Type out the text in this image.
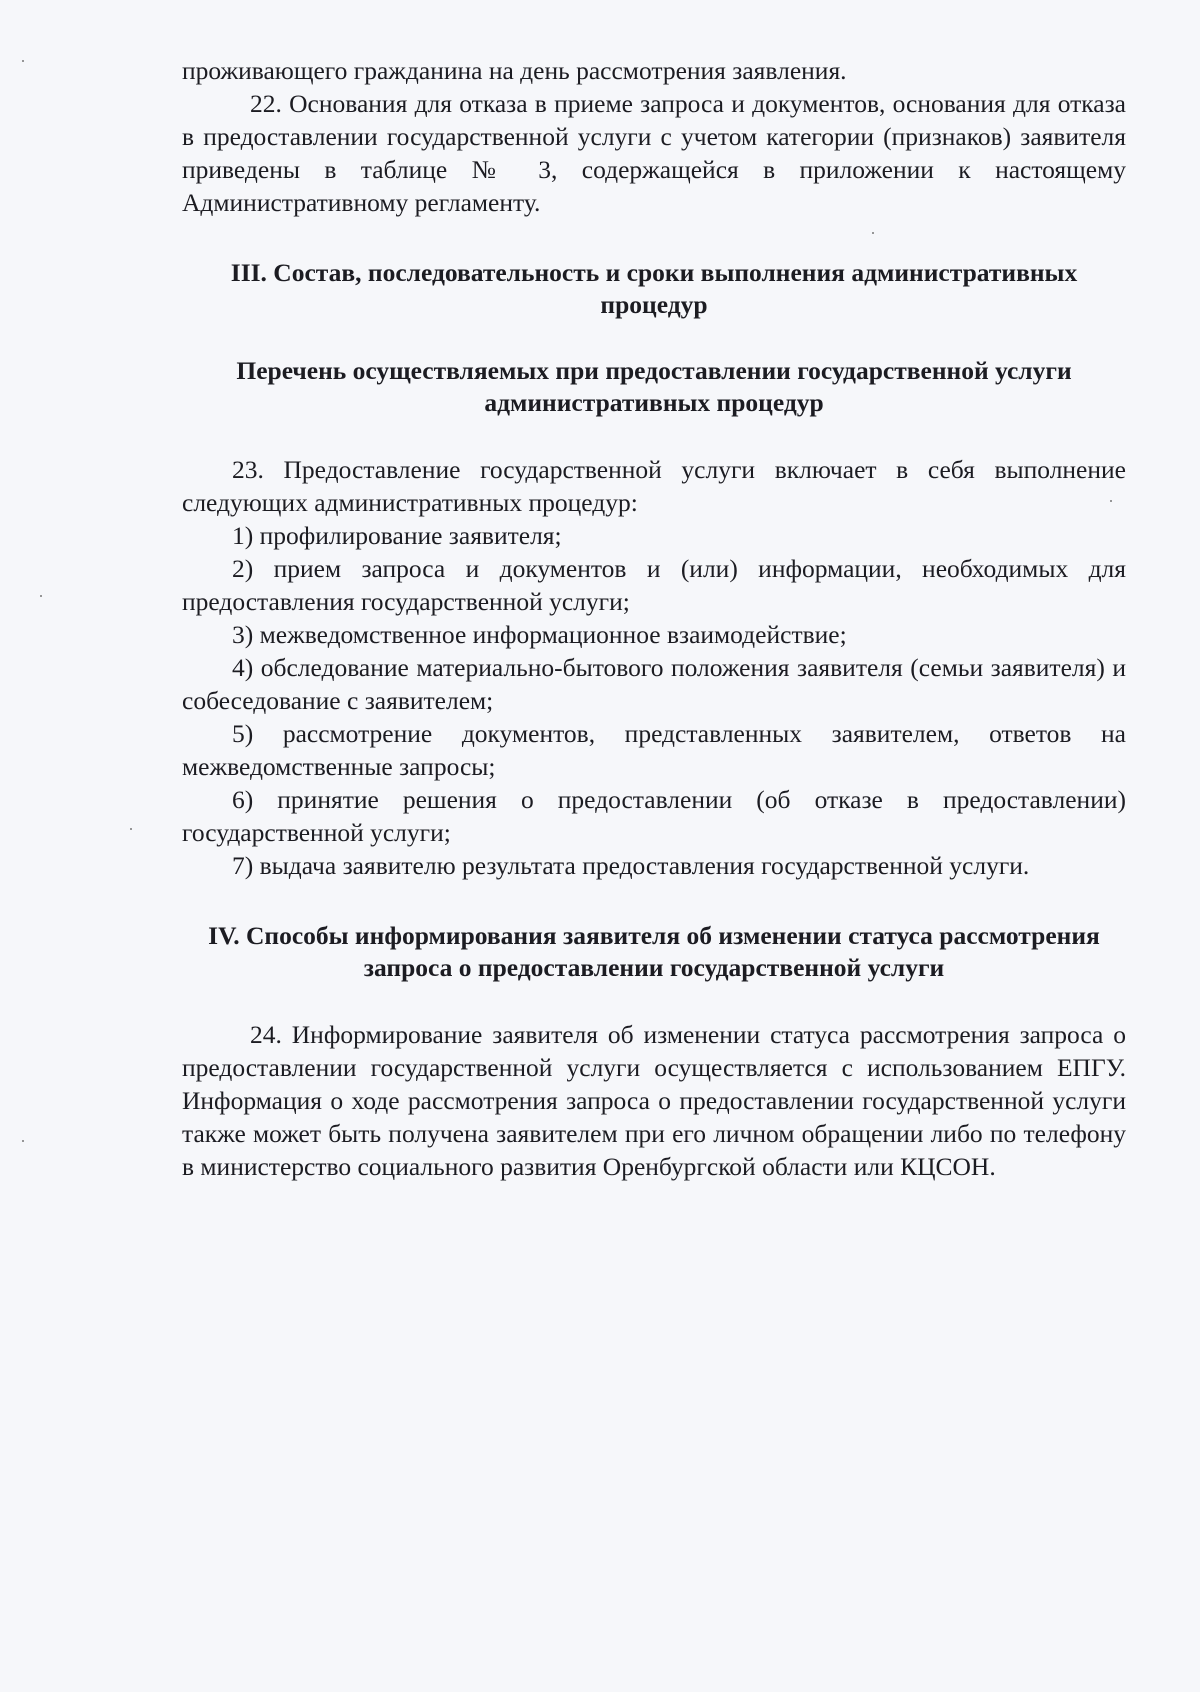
проживающего гражданина на день рассмотрения заявления.

22. Основания для отказа в приеме запроса и документов, основания для отказа в предоставлении государственной услуги с учетом категории (признаков) заявителя приведены в таблице № 3, содержащейся в приложении к настоящему Административному регламенту.

III. Состав, последовательность и сроки выполнения административных процедур
Перечень осуществляемых при предоставлении государственной услуги административных процедур

23. Предоставление государственной услуги включает в себя выполнение следующих административных процедур:

1) профилирование заявителя;

2) прием запроса и документов и (или) информации, необходимых для предоставления государственной услуги;

3) межведомственное информационное взаимодействие;

4) обследование материально-бытового положения заявителя (семьи заявителя) и собеседование с заявителем;

5) рассмотрение документов, представленных заявителем, ответов на межведомственные запросы;

6) принятие решения о предоставлении (об отказе в предоставлении) государственной услуги;

7) выдача заявителю результата предоставления государственной услуги.

IV. Способы информирования заявителя об изменении статуса рассмотрения запроса о предоставлении государственной услуги

24. Информирование заявителя об изменении статуса рассмотрения запроса о предоставлении государственной услуги осуществляется с использованием ЕПГУ. Информация о ходе рассмотрения запроса о предоставлении государственной услуги также может быть получена заявителем при его личном обращении либо по телефону в министерство социального развития Оренбургской области или КЦСОН.
